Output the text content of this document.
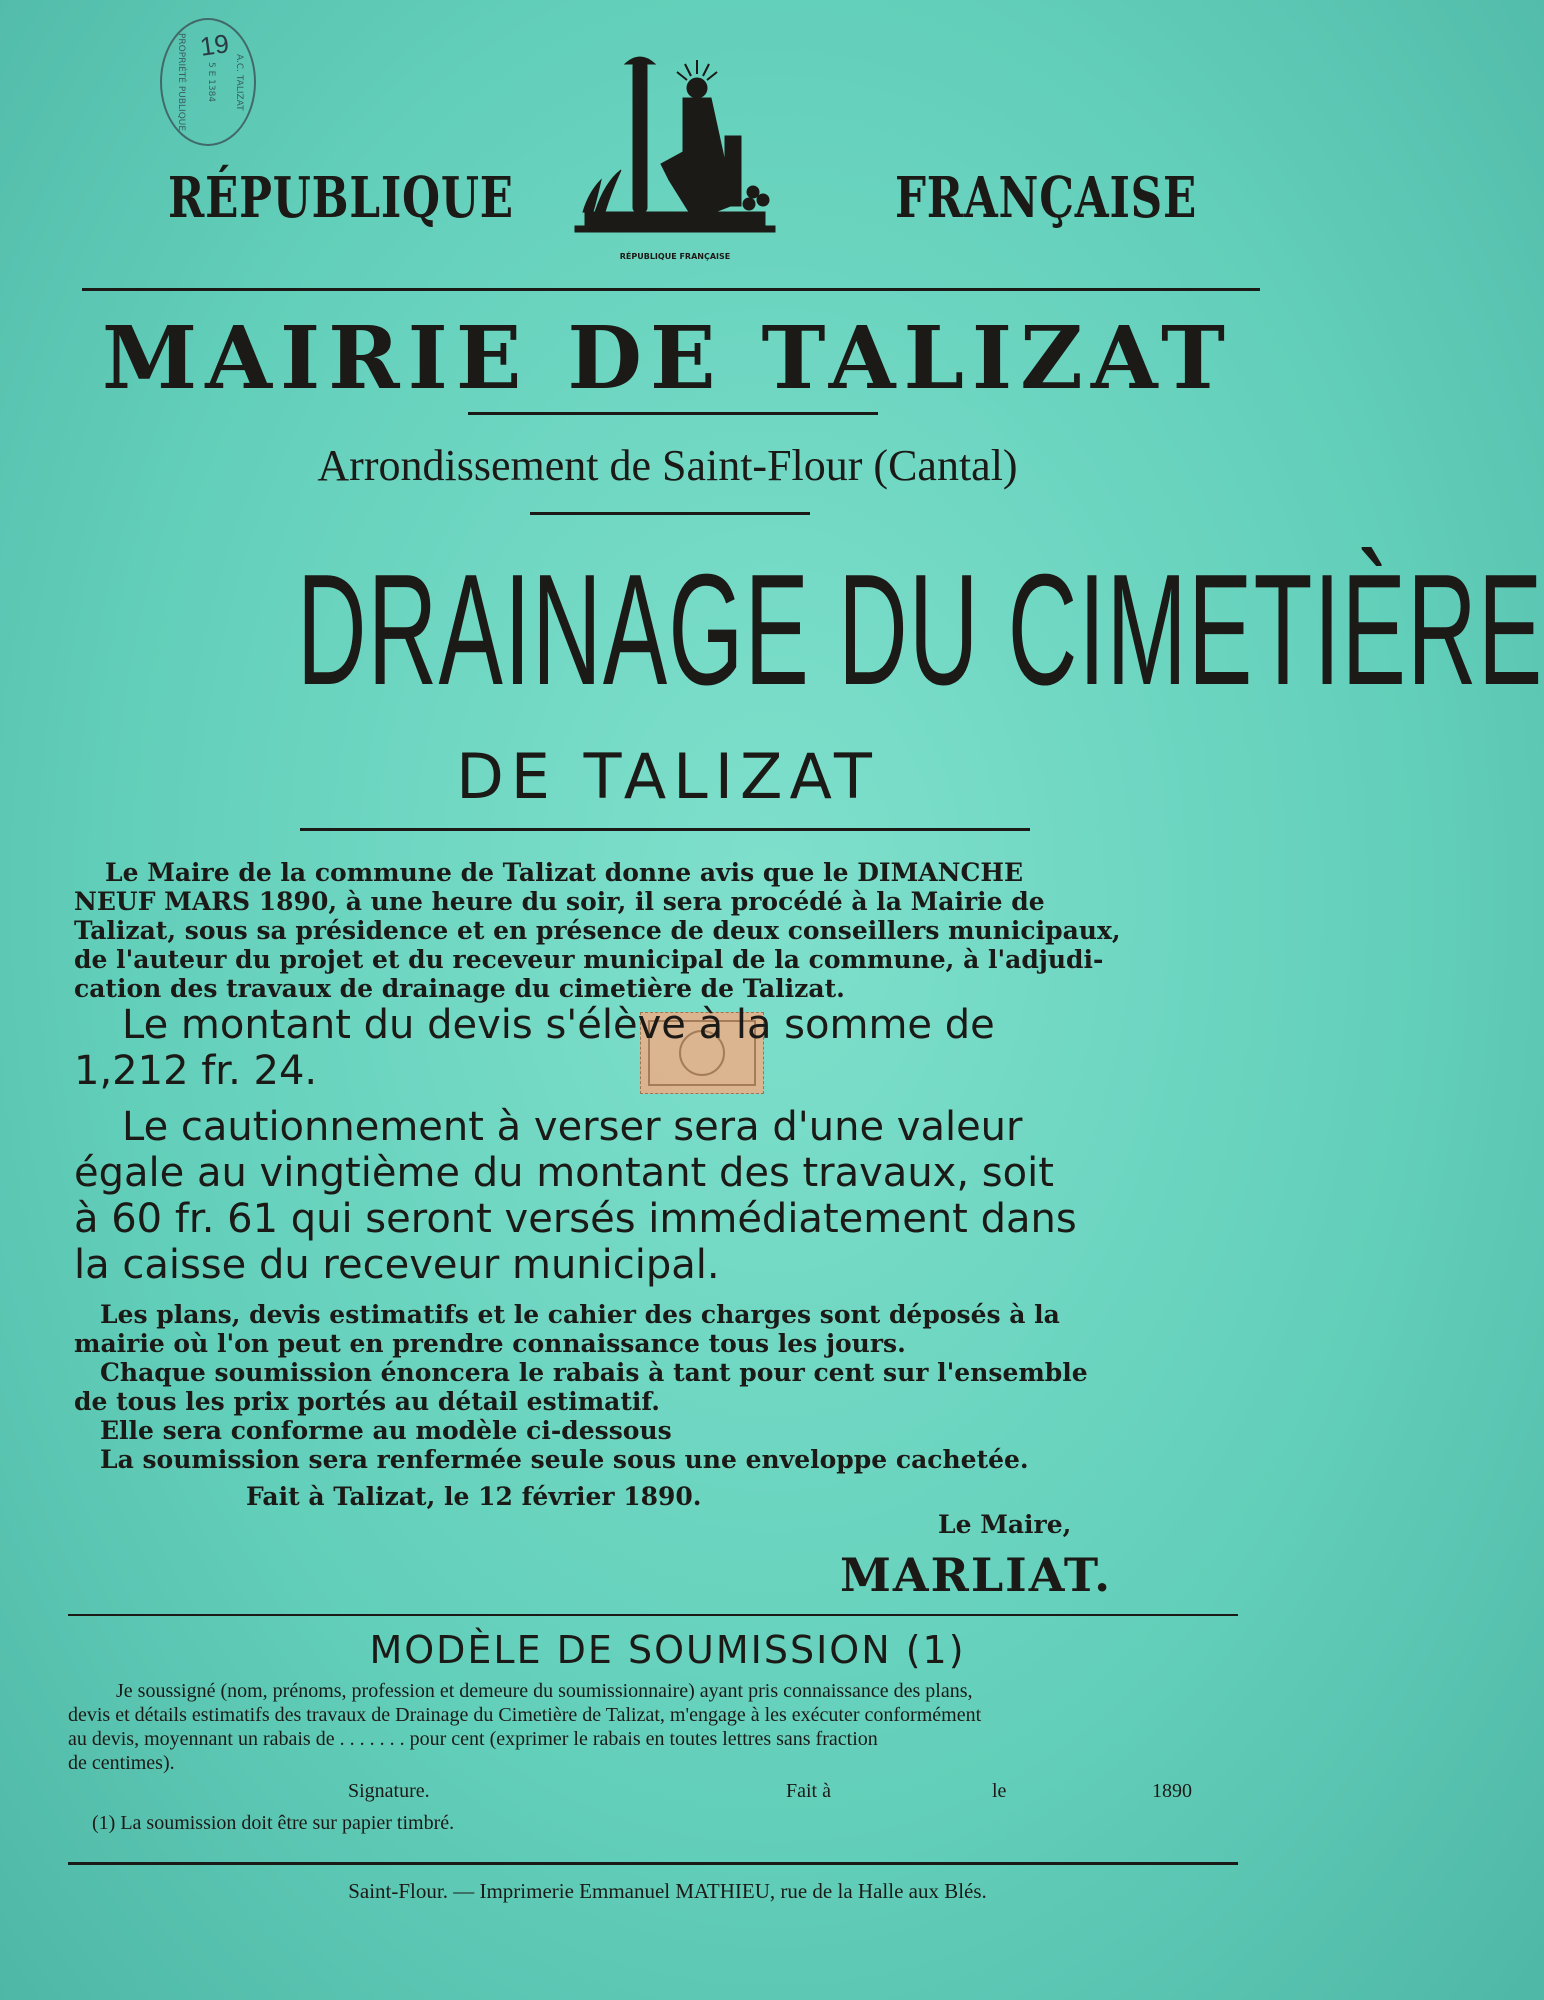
PROPRIÉTÉ PUBLIQUE	5 E 1384	A.C. TALIZAT
19
RÉPUBLIQUE	FRANÇAISE
RÉPUBLIQUE FRANÇAISE
MAIRIE DE TALIZAT
Arrondissement de Saint-Flour (Cantal)
DRAINAGE DU CIMETIÈRE
DE TALIZAT
Le Maire de la commune de Talizat donne avis que le DIMANCHE
NEUF MARS 1890, à une heure du soir, il sera procédé à la Mairie de
Talizat, sous sa présidence et en présence de deux conseillers municipaux,
de l'auteur du projet et du receveur municipal de la commune, à l'adjudi-
cation des travaux de drainage du cimetière de Talizat.
Le montant du devis s'élève à la somme de
1,212 fr. 24.
Le cautionnement à verser sera d'une valeur
égale au vingtième du montant des travaux, soit
à 60 fr. 61 qui seront versés immédiatement dans
la caisse du receveur municipal.
Les plans, devis estimatifs et le cahier des charges sont déposés à la
mairie où l'on peut en prendre connaissance tous les jours.
Chaque soumission énoncera le rabais à tant pour cent sur l'ensemble
de tous les prix portés au détail estimatif.
Elle sera conforme au modèle ci-dessous
La soumission sera renfermée seule sous une enveloppe cachetée.
Fait à Talizat, le 12 février 1890.
Le Maire,
MARLIAT.
MODÈLE DE SOUMISSION (1)
Je soussigné (nom, prénoms, profession et demeure du soumissionnaire) ayant pris connaissance des plans,
devis et détails estimatifs des travaux de Drainage du Cimetière de Talizat, m'engage à les exécuter conformément
au devis, moyennant un rabais de . . . . . . . pour cent (exprimer le rabais en toutes lettres sans fraction
de centimes).
Signature.	Fait à	le	1890
(1) La soumission doit être sur papier timbré.
Saint-Flour. — Imprimerie Emmanuel MATHIEU, rue de la Halle aux Blés.
